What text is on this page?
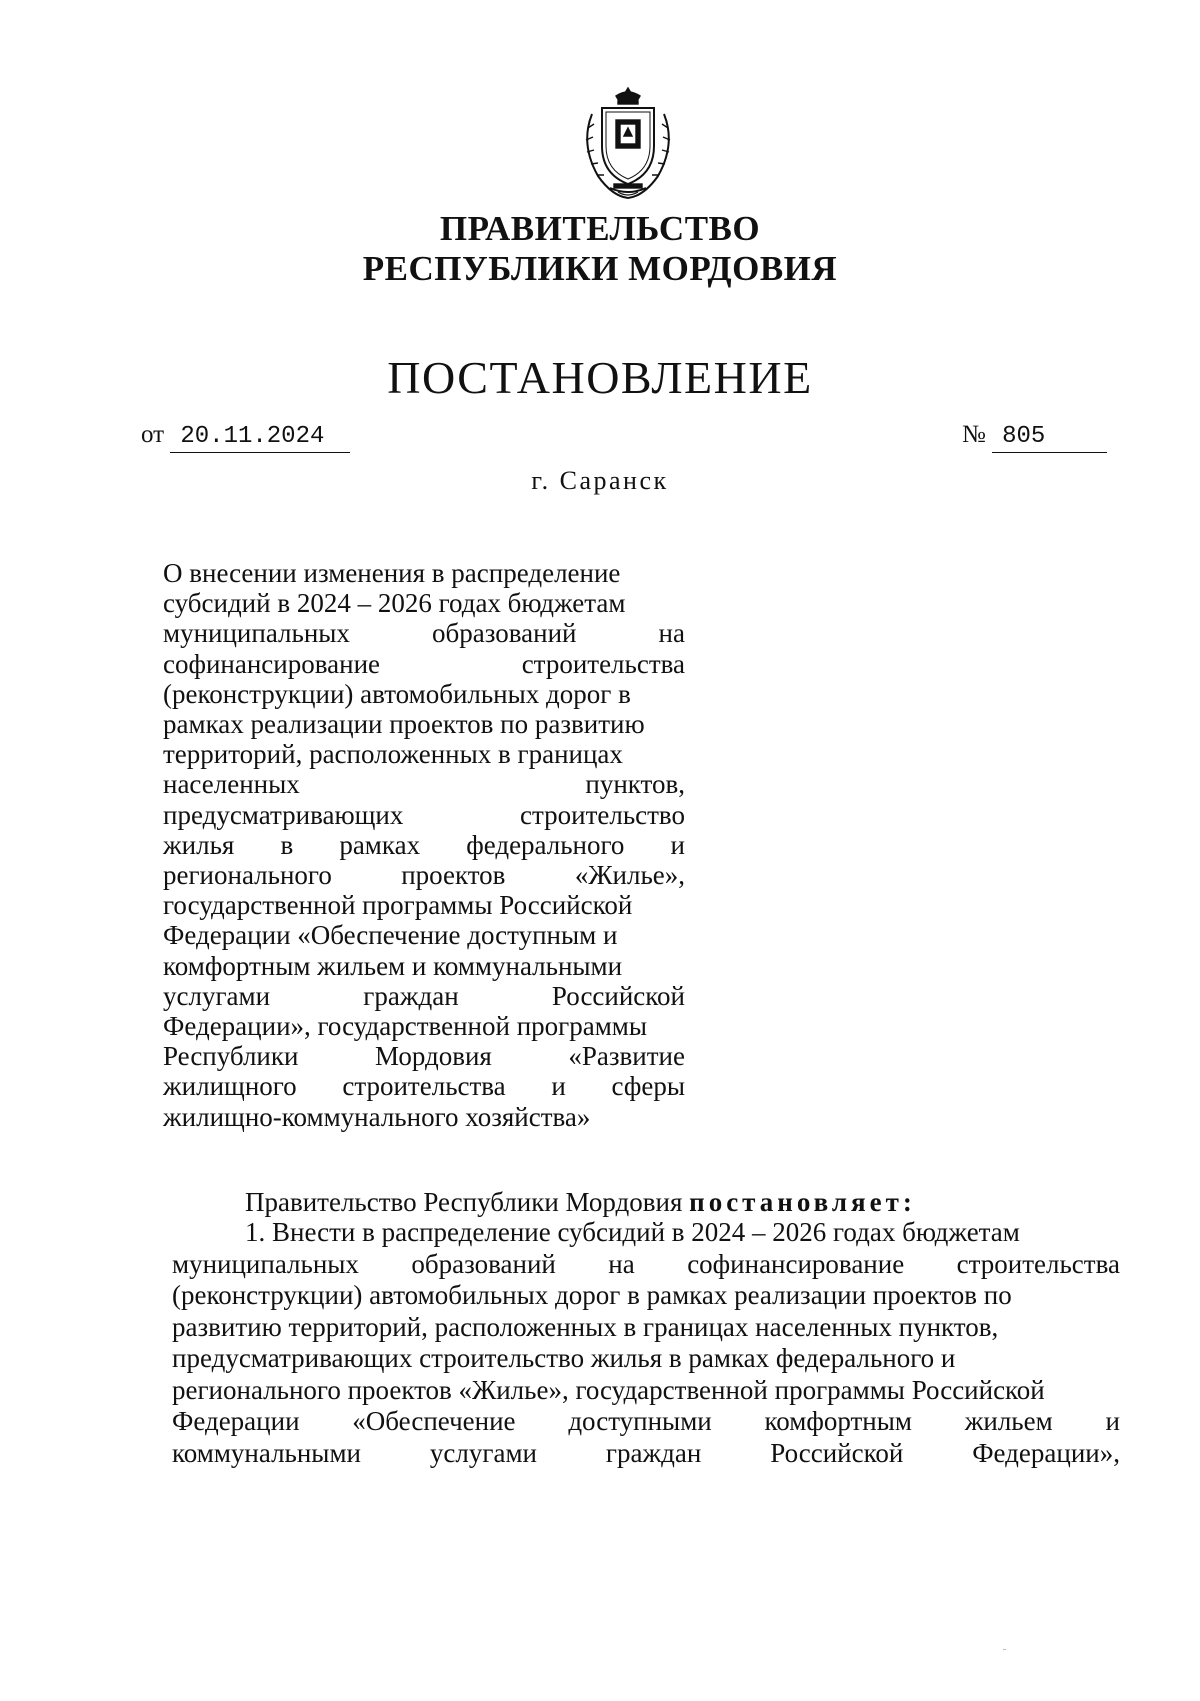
ПРАВИТЕЛЬСТВО
РЕСПУБЛИКИ МОРДОВИЯ
ПОСТАНОВЛЕНИЕ
от 20.11.2024	№ 805
г. Саранск
О внесении изменения в распределение
субсидий в 2024 – 2026 годах бюджетам
муниципальных	образований	на
софинансирование	строительства
(реконструкции) автомобильных дорог в
рамках реализации проектов по развитию
территорий, расположенных в границах
населенных	пунктов,
предусматривающих	строительство
жилья в рамках федерального и
регионального	проектов	«Жилье»,
государственной программы Российской
Федерации «Обеспечение доступным и
комфортным жильем и коммунальными
услугами	граждан	Российской
Федерации», государственной программы
Республики	Мордовия	«Развитие
жилищного строительства и сферы
жилищно-коммунального хозяйства»
Правительство Республики Мордовия постановляет:
1. Внести в распределение субсидий в 2024 – 2026 годах бюджетам
муниципальных образований на софинансирование строительства
(реконструкции) автомобильных дорог в рамках реализации проектов по
развитию территорий, расположенных в границах населенных пунктов,
предусматривающих строительство жилья в рамках федерального и
регионального проектов «Жилье», государственной программы Российской
Федерации «Обеспечение доступными комфортным жильем и
коммунальными	услугами	граждан	Российской	Федерации»,
